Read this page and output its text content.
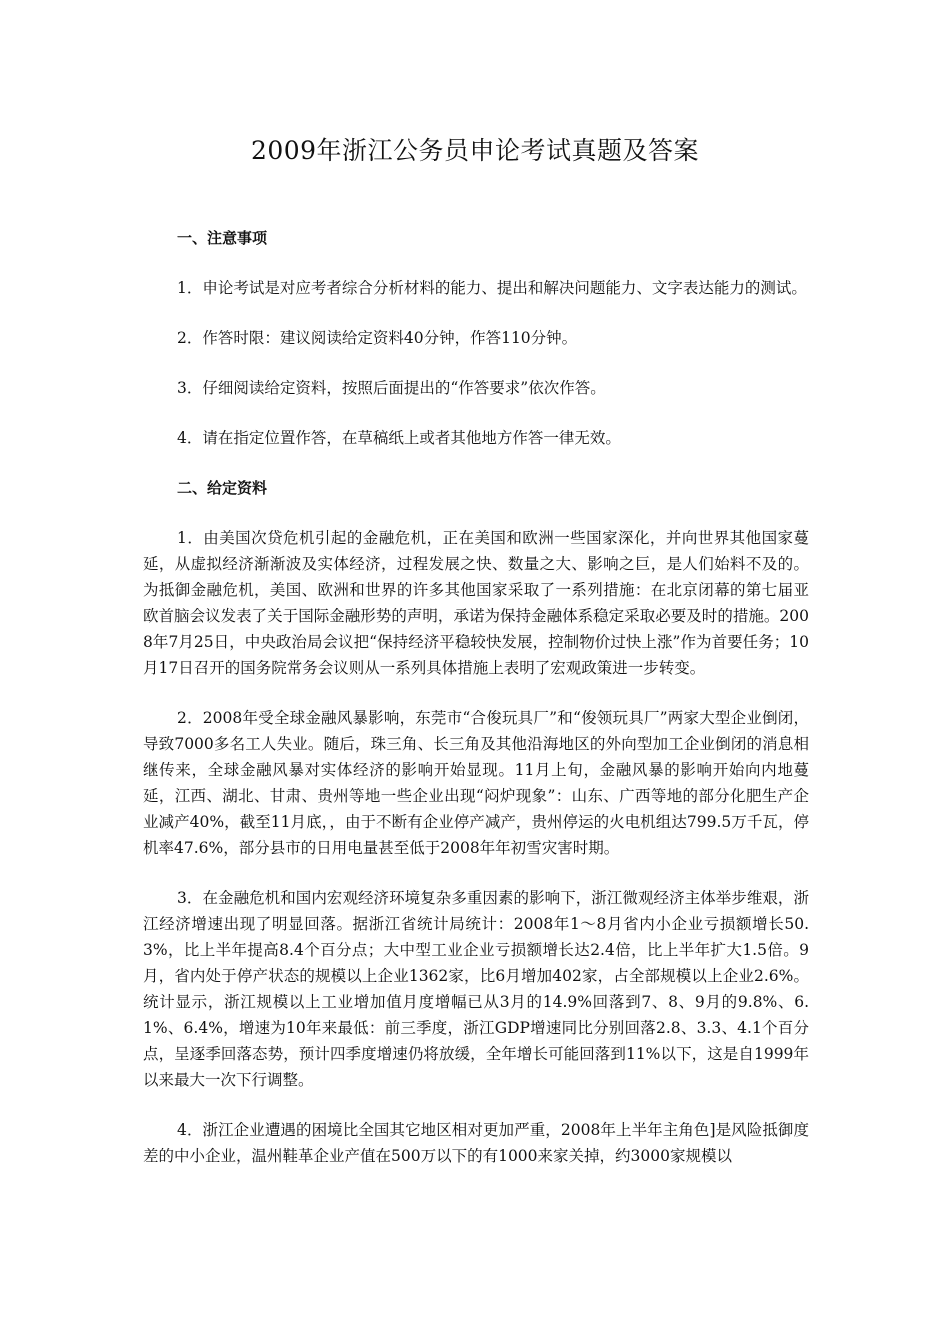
2009年浙江公务员申论考试真题及答案

一、注意事项

1．申论考试是对应考者综合分析材料的能力、提出和解决问题能力、文字表达能力的测试。

2．作答时限：建议阅读给定资料40分钟，作答110分钟。

3．仔细阅读给定资料，按照后面提出的“作答要求”依次作答。

4．请在指定位置作答，在草稿纸上或者其他地方作答一律无效。

二、给定资料

1．由美国次贷危机引起的金融危机，正在美国和欧洲一些国家深化，并向世界其他国家蔓延，从虚拟经济渐渐波及实体经济，过程发展之快、数量之大、影响之巨，是人们始料不及的。为抵御金融危机，美国、欧洲和世界的许多其他国家采取了一系列措施：在北京闭幕的第七届亚欧首脑会议发表了关于国际金融形势的声明，承诺为保持金融体系稳定采取必要及时的措施。2008年7月25日，中央政治局会议把“保持经济平稳较快发展，控制物价过快上涨”作为首要任务；10月17日召开的国务院常务会议则从一系列具体措施上表明了宏观政策进一步转变。

2．2008年受全球金融风暴影响，东莞市“合俊玩具厂”和“俊领玩具厂”两家大型企业倒闭，导致7000多名工人失业。随后，珠三角、长三角及其他沿海地区的外向型加工企业倒闭的消息相继传来，全球金融风暴对实体经济的影响开始显现。11月上旬，金融风暴的影响开始向内地蔓延，江西、湖北、甘肃、贵州等地一些企业出现“闷炉现象”：山东、广西等地的部分化肥生产企业减产40%，截至11月底，，由于不断有企业停产减产，贵州停运的火电机组达799.5万千瓦，停机率47.6%，部分县市的日用电量甚至低于2008年年初雪灾害时期。

3．在金融危机和国内宏观经济环境复杂多重因素的影响下，浙江微观经济主体举步维艰，浙江经济增速出现了明显回落。据浙江省统计局统计：2008年1～8月省内小企业亏损额增长50.3%，比上半年提高8.4个百分点；大中型工业企业亏损额增长达2.4倍，比上半年扩大1.5倍。9月，省内处于停产状态的规模以上企业1362家，比6月增加402家，占全部规模以上企业2.6%。统计显示，浙江规模以上工业增加值月度增幅已从3月的14.9%回落到7、8、9月的9.8%、6.1%、6.4%，增速为10年来最低：前三季度，浙江GDP增速同比分别回落2.8、3.3、4.1个百分点，呈逐季回落态势，预计四季度增速仍将放缓，全年增长可能回落到11%以下，这是自1999年以来最大一次下行调整。

4．浙江企业遭遇的困境比全国其它地区相对更加严重，2008年上半年主角色]是风险抵御度差的中小企业，温州鞋革企业产值在500万以下的有1000来家关掉，约3000家规模以
